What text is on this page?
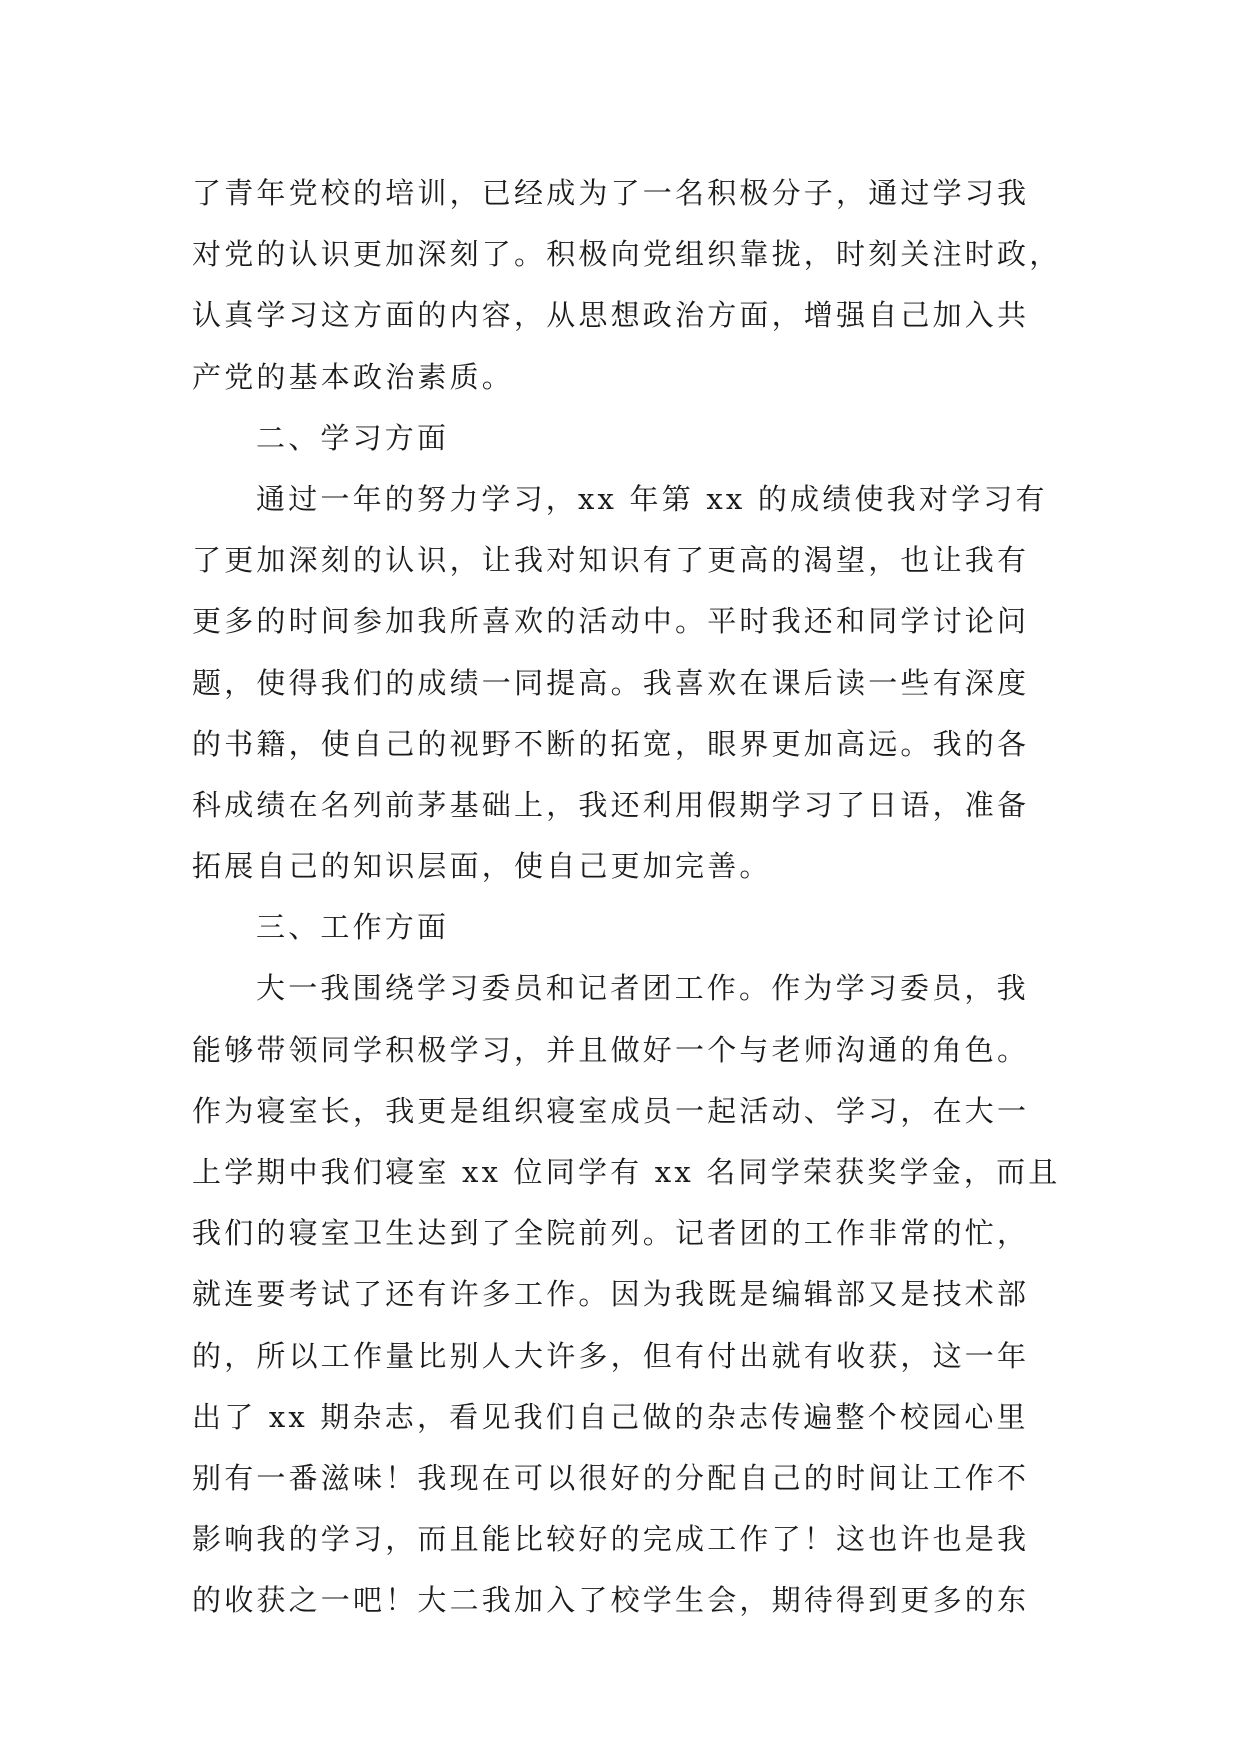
了青年党校的培训，已经成为了一名积极分子，通过学习我
对党的认识更加深刻了。积极向党组织靠拢，时刻关注时政，
认真学习这方面的内容，从思想政治方面，增强自己加入共
产党的基本政治素质。
二、学习方面
通过一年的努力学习，xx 年第 xx 的成绩使我对学习有
了更加深刻的认识，让我对知识有了更高的渴望，也让我有
更多的时间参加我所喜欢的活动中。平时我还和同学讨论问
题，使得我们的成绩一同提高。我喜欢在课后读一些有深度
的书籍，使自己的视野不断的拓宽，眼界更加高远。我的各
科成绩在名列前茅基础上，我还利用假期学习了日语，准备
拓展自己的知识层面，使自己更加完善。
三、工作方面
大一我围绕学习委员和记者团工作。作为学习委员，我
能够带领同学积极学习，并且做好一个与老师沟通的角色。
作为寝室长，我更是组织寝室成员一起活动、学习，在大一
上学期中我们寝室 xx 位同学有 xx 名同学荣获奖学金，而且
我们的寝室卫生达到了全院前列。记者团的工作非常的忙，
就连要考试了还有许多工作。因为我既是编辑部又是技术部
的，所以工作量比别人大许多，但有付出就有收获，这一年
出了 xx 期杂志，看见我们自己做的杂志传遍整个校园心里
别有一番滋味！我现在可以很好的分配自己的时间让工作不
影响我的学习，而且能比较好的完成工作了！这也许也是我
的收获之一吧！大二我加入了校学生会，期待得到更多的东
